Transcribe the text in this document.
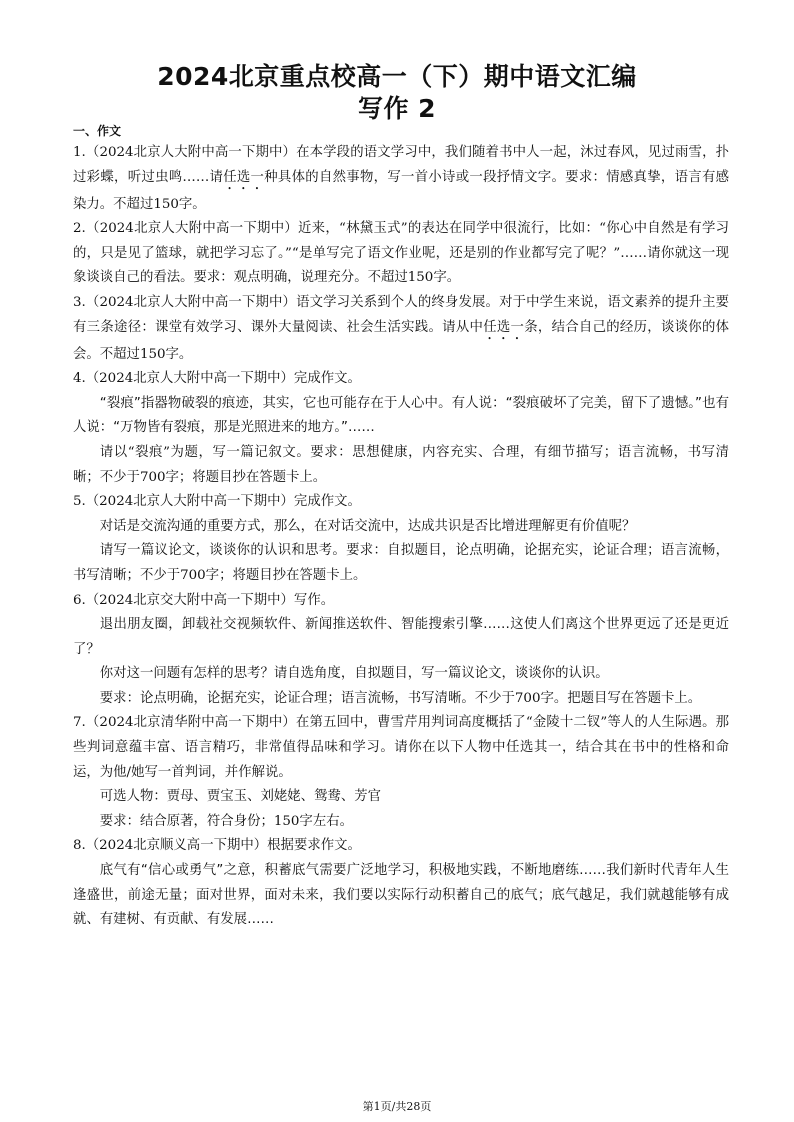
2024北京重点校高一（下）期中语文汇编
写作 2
一、作文

1.（2024北京人大附中高一下期中）在本学段的语文学习中，我们随着书中人一起，沐过春风，见过雨雪，扑过彩蝶，听过虫鸣……请任选一种具体的自然事物，写一首小诗或一段抒情文字。要求：情感真挚，语言有感染力。不超过150字。

2.（2024北京人大附中高一下期中）近来，“林黛玉式”的表达在同学中很流行，比如：“你心中自然是有学习的，只是见了篮球，就把学习忘了。”“是单写完了语文作业呢，还是别的作业都写完了呢？”……请你就这一现象谈谈自己的看法。要求：观点明确，说理充分。不超过150字。

3.（2024北京人大附中高一下期中）语文学习关系到个人的终身发展。对于中学生来说，语文素养的提升主要有三条途径：课堂有效学习、课外大量阅读、社会生活实践。请从中任选一条，结合自己的经历，谈谈你的体会。不超过150字。

4.（2024北京人大附中高一下期中）完成作文。

“裂痕”指器物破裂的痕迹，其实，它也可能存在于人心中。有人说：“裂痕破坏了完美，留下了遗憾。”也有人说：“万物皆有裂痕，那是光照进来的地方。”……

请以“裂痕”为题，写一篇记叙文。要求：思想健康，内容充实、合理，有细节描写；语言流畅，书写清晰；不少于700字；将题目抄在答题卡上。

5.（2024北京人大附中高一下期中）完成作文。

对话是交流沟通的重要方式，那么，在对话交流中，达成共识是否比增进理解更有价值呢？

请写一篇议论文，谈谈你的认识和思考。要求：自拟题目，论点明确，论据充实，论证合理；语言流畅，书写清晰；不少于700字；将题目抄在答题卡上。

6.（2024北京交大附中高一下期中）写作。

退出朋友圈，卸载社交视频软件、新闻推送软件、智能搜索引擎……这使人们离这个世界更远了还是更近了？

你对这一问题有怎样的思考？请自选角度，自拟题目，写一篇议论文，谈谈你的认识。

要求：论点明确，论据充实，论证合理；语言流畅，书写清晰。不少于700字。把题目写在答题卡上。

7.（2024北京清华附中高一下期中）在第五回中，曹雪芹用判词高度概括了“金陵十二钗”等人的人生际遇。那些判词意蕴丰富、语言精巧，非常值得品味和学习。请你在以下人物中任选其一，结合其在书中的性格和命运，为他/她写一首判词，并作解说。

可选人物：贾母、贾宝玉、刘姥姥、鸳鸯、芳官

要求：结合原著，符合身份；150字左右。

8.（2024北京顺义高一下期中）根据要求作文。

底气有“信心或勇气”之意，积蓄底气需要广泛地学习，积极地实践，不断地磨练……我们新时代青年人生逢盛世，前途无量；面对世界，面对未来，我们要以实际行动积蓄自己的底气；底气越足，我们就越能够有成就、有建树、有贡献、有发展……

第1页/共28页
